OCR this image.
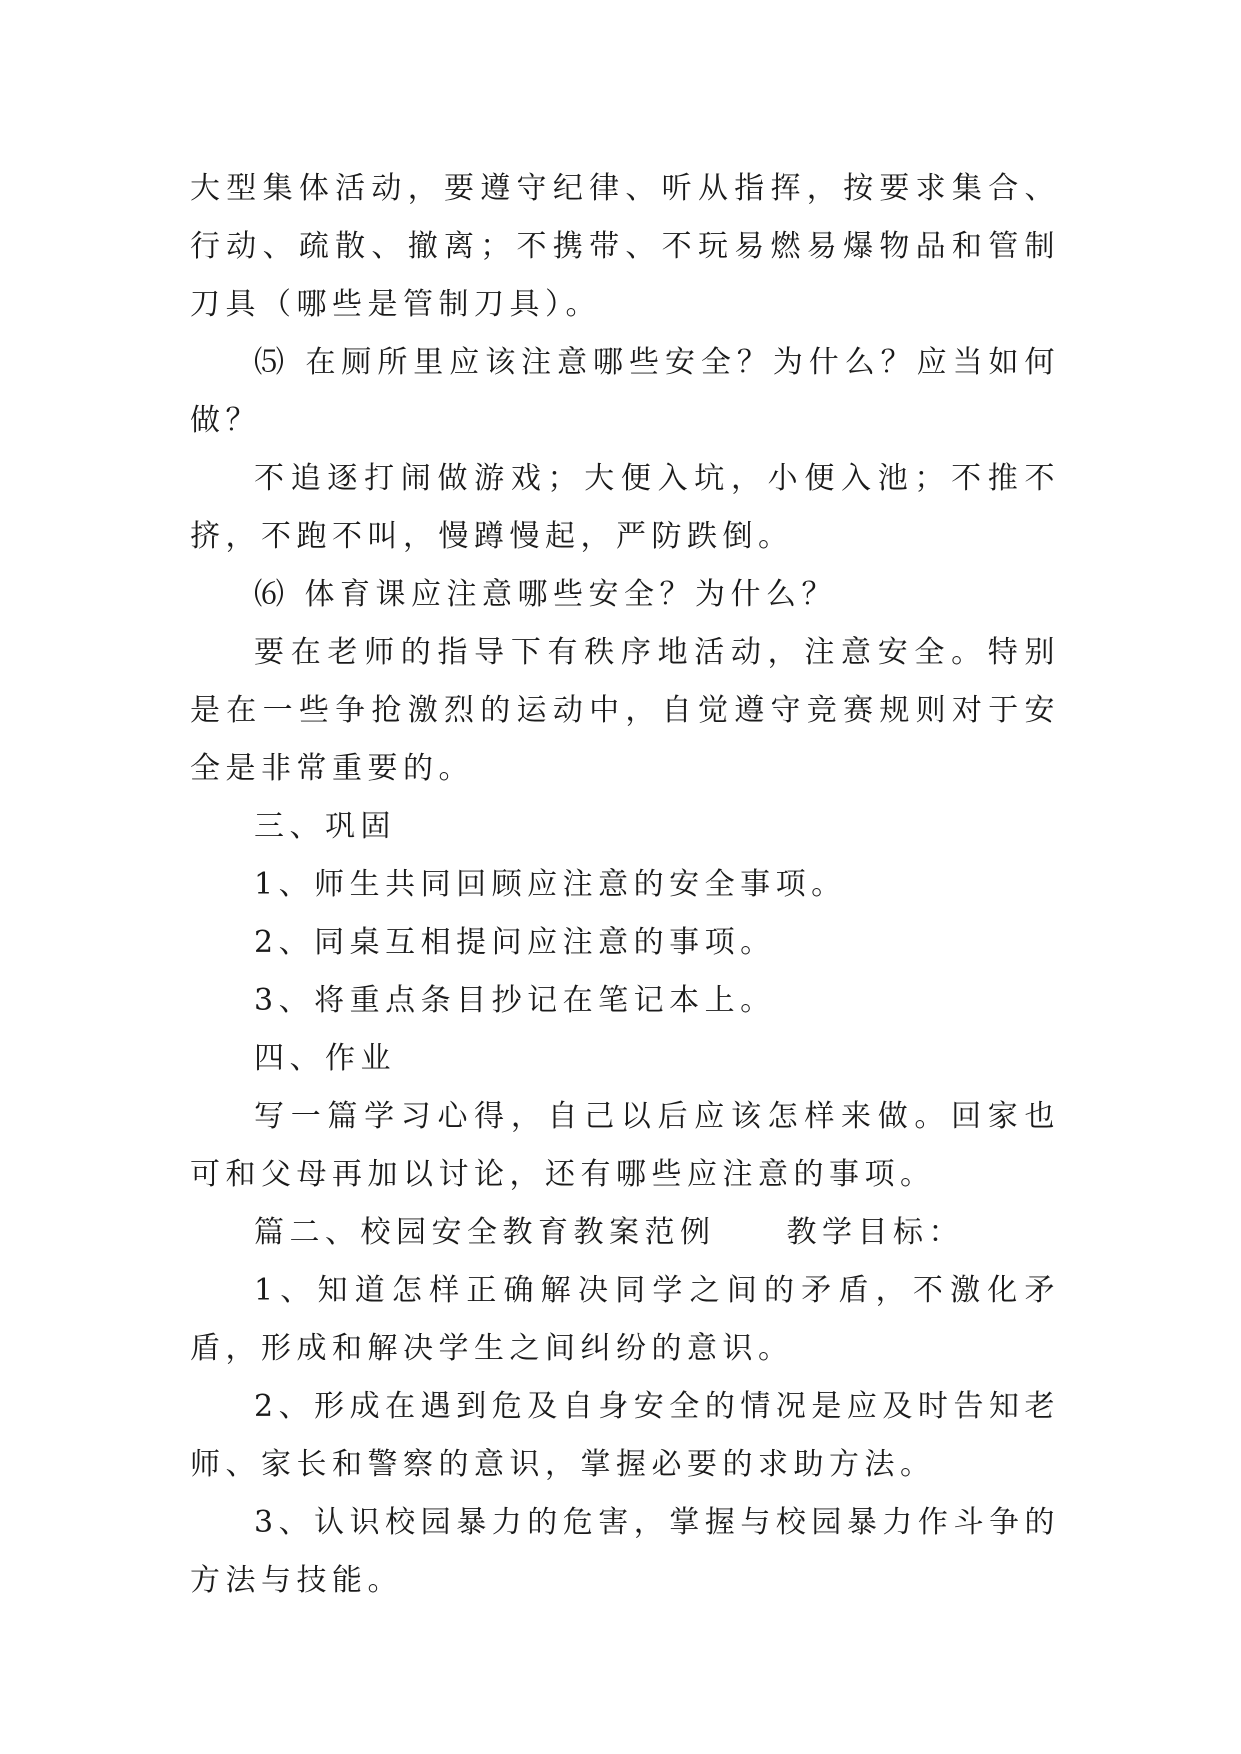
大型集体活动，要遵守纪律、听从指挥，按要求集合、行动、疏散、撤离；不携带、不玩易燃易爆物品和管制刀具（哪些是管制刀具）。

⑸ 在厕所里应该注意哪些安全？为什么？应当如何做？

不追逐打闹做游戏；大便入坑，小便入池；不推不挤，不跑不叫，慢蹲慢起，严防跌倒。

⑹ 体育课应注意哪些安全？为什么？

要在老师的指导下有秩序地活动，注意安全。特别是在一些争抢激烈的运动中，自觉遵守竞赛规则对于安全是非常重要的。

三、巩固

1、师生共同回顾应注意的安全事项。

2、同桌互相提问应注意的事项。

3、将重点条目抄记在笔记本上。

四、作业

写一篇学习心得，自己以后应该怎样来做。回家也可和父母再加以讨论，还有哪些应注意的事项。

篇二、校园安全教育教案范例　　教学目标：

1、知道怎样正确解决同学之间的矛盾，不激化矛盾，形成和解决学生之间纠纷的意识。

2、形成在遇到危及自身安全的情况是应及时告知老师、家长和警察的意识，掌握必要的求助方法。

3、认识校园暴力的危害，掌握与校园暴力作斗争的方法与技能。
